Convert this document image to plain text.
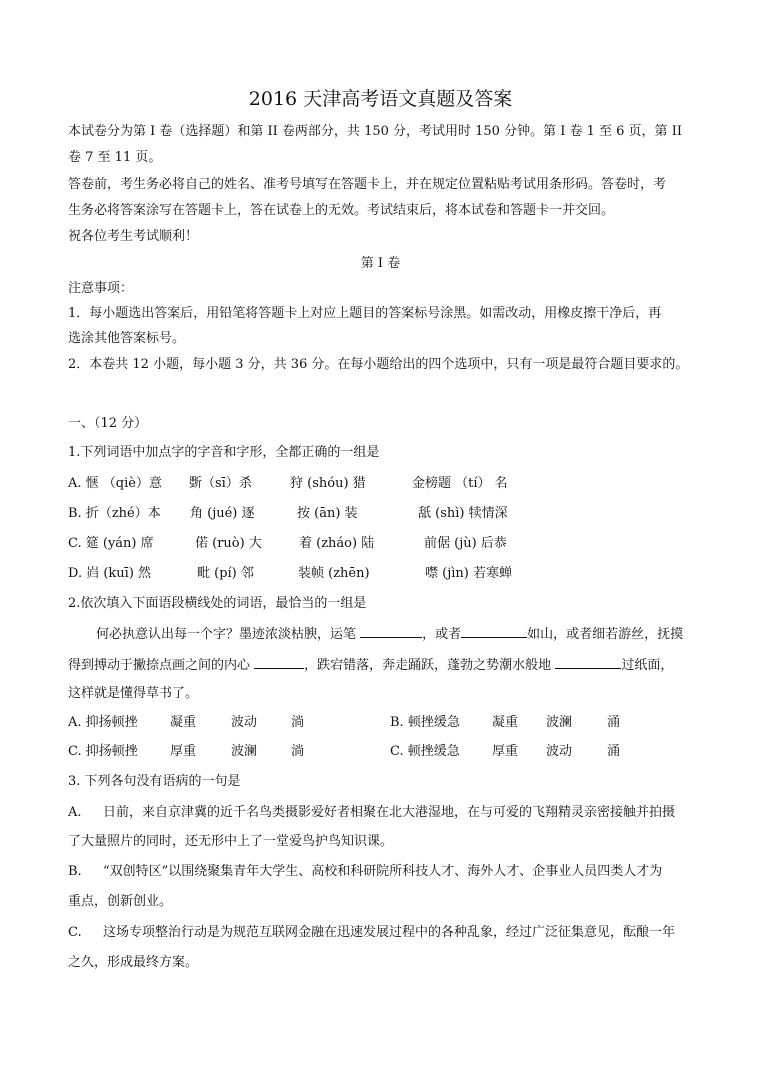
2016 天津高考语文真题及答案
本试卷分为第 I 卷（选择题）和第 II 卷两部分，共 150 分，考试用时 150 分钟。第 I 卷 1 至 6 页，第 II
卷 7 至 11 页。
答卷前，考生务必将自己的姓名、准考号填写在答题卡上，并在规定位置粘贴考试用条形码。答卷时，考
生务必将答案涂写在答题卡上，答在试卷上的无效。考试结束后，将本试卷和答题卡一并交回。
祝各位考生考试顺利！
第 I 卷
注意事项：
1．每小题选出答案后，用铅笔将答题卡上对应上题目的答案标号涂黑。如需改动，用橡皮擦干净后，再
选涂其他答案标号。
2．本卷共 12 小题，每小题 3 分，共 36 分。在每小题给出的四个选项中，只有一项是最符合题目要求的。
一、（12 分）
1.下列词语中加点字的字音和字形，全都正确的一组是
A. 惬 （qiè）意 斲（sī）杀	狩 (shóu) 猎	金榜题 （tí） 名
B. 折（zhé）本 角 (jué) 逐	按 (ān) 装	舐 (shì) 犊情深
C. 筵 (yán) 席	偌 (ruò) 大	着 (zháo) 陆	前倨 (jù) 后恭
D. 岿 (kuī) 然	毗 (pí) 邻	装帧 (zhēn)	噤 (jìn) 若寒蝉
2.依次填入下面语段横线处的词语，最恰当的一组是
何必执意认出每一个字？墨迹浓淡枯腴，运笔	，或者	如山，或者细若游丝，抚摸
得到搏动于撇捺点画之间的内心	，跌宕错落，奔走踊跃，蓬勃之势潮水般地	过纸面，
这样就是懂得草书了。
A. 抑扬顿挫 凝重	波动	淌	B. 顿挫缓急 凝重 波澜	涌
C. 抑扬顿挫 厚重	波澜	淌	C. 顿挫缓急 厚重 波动	涌
3. 下列各句没有语病的一句是
A. 日前，来自京津冀的近千名鸟类摄影爱好者相聚在北大港湿地，在与可爱的飞翔精灵亲密接触并拍摄
了大量照片的同时，还无形中上了一堂爱鸟护鸟知识课。
B. “双创特区”以围绕聚集青年大学生、高校和科研院所科技人才、海外人才、企事业人员四类人才为
重点，创新创业。
C. 这场专项整治行动是为规范互联网金融在迅速发展过程中的各种乱象，经过广泛征集意见，酝酿一年
之久，形成最终方案。
